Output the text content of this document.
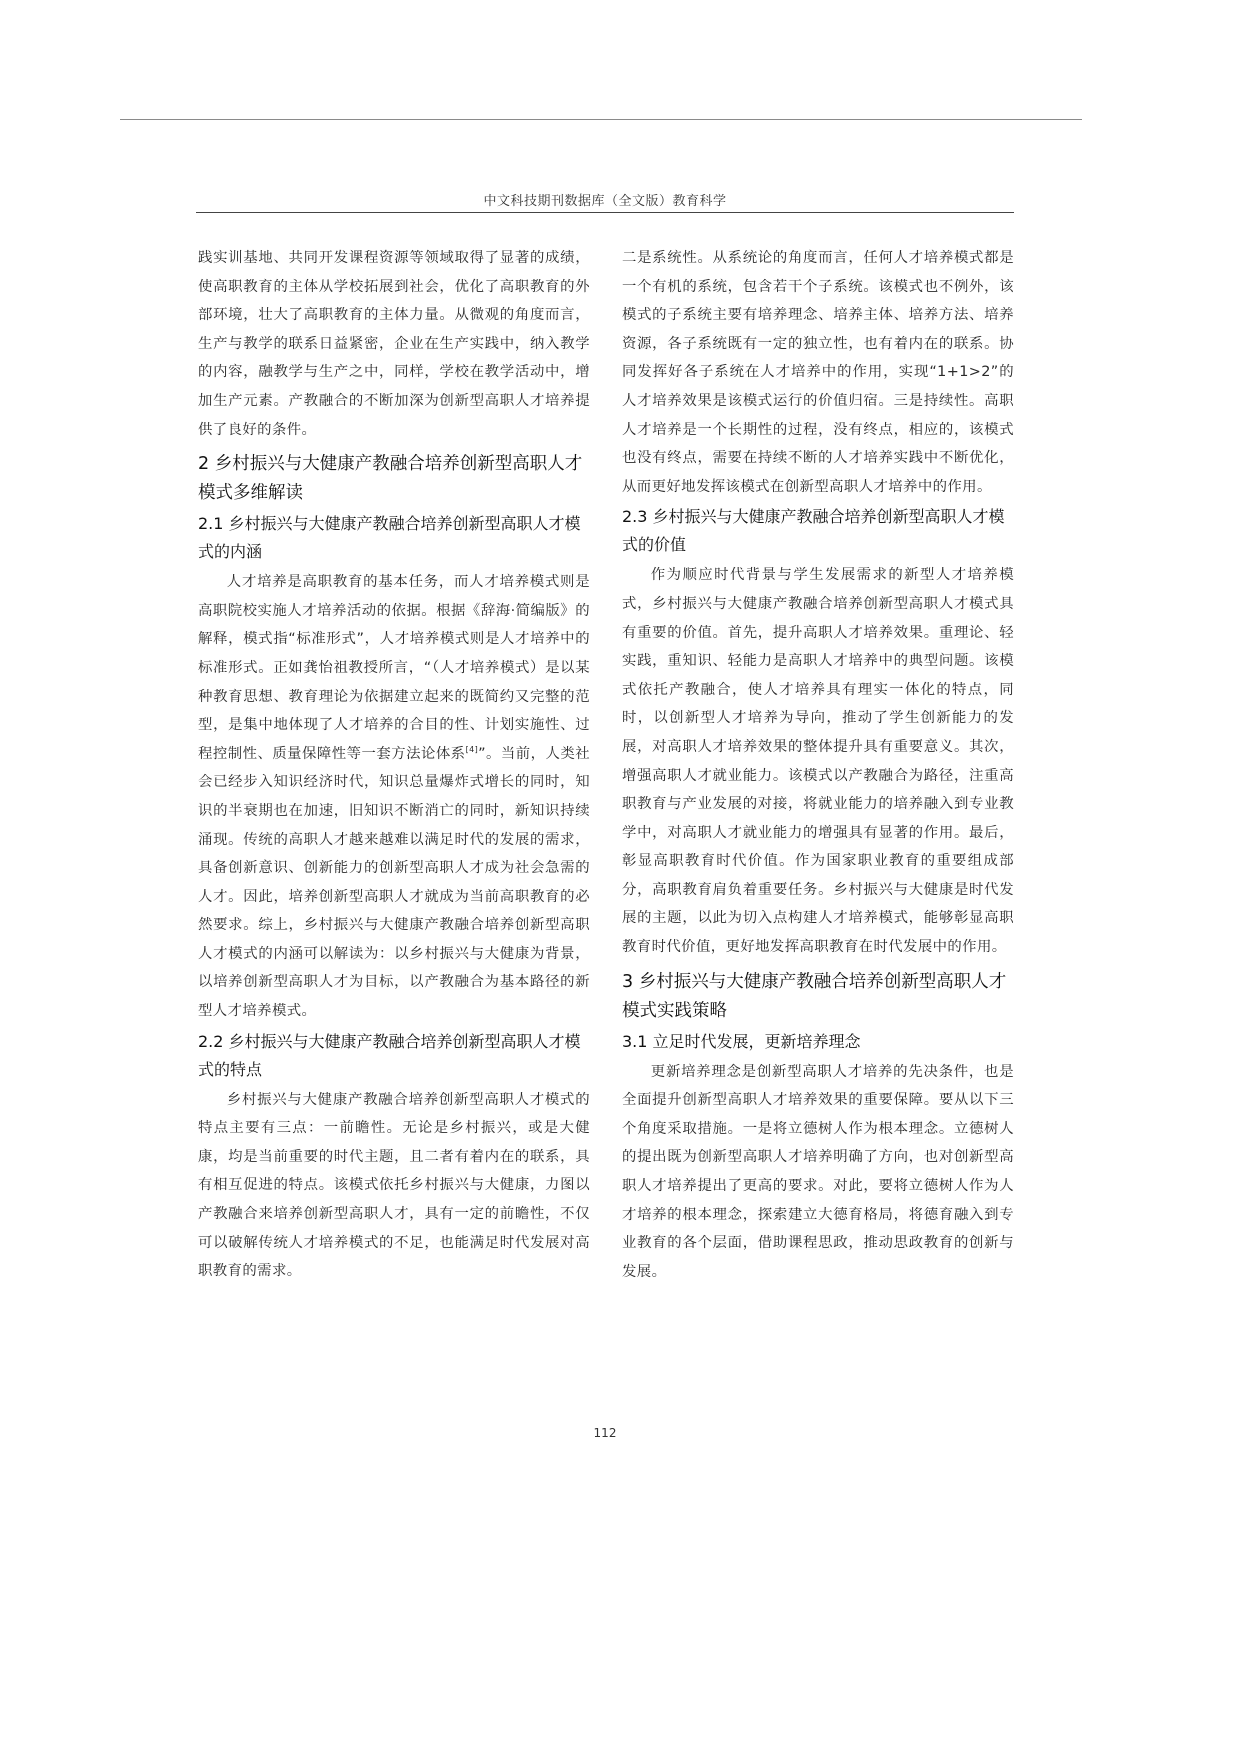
中文科技期刊数据库（全文版）教育科学

践实训基地、共同开发课程资源等领域取得了显著的成绩，使高职教育的主体从学校拓展到社会，优化了高职教育的外部环境，壮大了高职教育的主体力量。从微观的角度而言，生产与教学的联系日益紧密，企业在生产实践中，纳入教学的内容，融教学与生产之中，同样，学校在教学活动中，增加生产元素。产教融合的不断加深为创新型高职人才培养提供了良好的条件。

2 乡村振兴与大健康产教融合培养创新型高职人才模式多维解读
2.1 乡村振兴与大健康产教融合培养创新型高职人才模式的内涵

人才培养是高职教育的基本任务，而人才培养模式则是高职院校实施人才培养活动的依据。根据《辞海·简编版》的解释，模式指“标准形式”，人才培养模式则是人才培养中的标准形式。正如龚怡祖教授所言，“（人才培养模式）是以某种教育思想、教育理论为依据建立起来的既简约又完整的范型，是集中地体现了人才培养的合目的性、计划实施性、过程控制性、质量保障性等一套方法论体系[4]”。当前，人类社会已经步入知识经济时代，知识总量爆炸式增长的同时，知识的半衰期也在加速，旧知识不断消亡的同时，新知识持续涌现。传统的高职人才越来越难以满足时代的发展的需求，具备创新意识、创新能力的创新型高职人才成为社会急需的人才。因此，培养创新型高职人才就成为当前高职教育的必然要求。综上，乡村振兴与大健康产教融合培养创新型高职人才模式的内涵可以解读为：以乡村振兴与大健康为背景，以培养创新型高职人才为目标，以产教融合为基本路径的新型人才培养模式。

2.2 乡村振兴与大健康产教融合培养创新型高职人才模式的特点

乡村振兴与大健康产教融合培养创新型高职人才模式的特点主要有三点：一前瞻性。无论是乡村振兴，或是大健康，均是当前重要的时代主题，且二者有着内在的联系，具有相互促进的特点。该模式依托乡村振兴与大健康，力图以产教融合来培养创新型高职人才，具有一定的前瞻性，不仅可以破解传统人才培养模式的不足，也能满足时代发展对高职教育的需求。

二是系统性。从系统论的角度而言，任何人才培养模式都是一个有机的系统，包含若干个子系统。该模式也不例外，该模式的子系统主要有培养理念、培养主体、培养方法、培养资源，各子系统既有一定的独立性，也有着内在的联系。协同发挥好各子系统在人才培养中的作用，实现“1+1>2”的人才培养效果是该模式运行的价值归宿。三是持续性。高职人才培养是一个长期性的过程，没有终点，相应的，该模式也没有终点，需要在持续不断的人才培养实践中不断优化，从而更好地发挥该模式在创新型高职人才培养中的作用。

2.3 乡村振兴与大健康产教融合培养创新型高职人才模式的价值

作为顺应时代背景与学生发展需求的新型人才培养模式，乡村振兴与大健康产教融合培养创新型高职人才模式具有重要的价值。首先，提升高职人才培养效果。重理论、轻实践，重知识、轻能力是高职人才培养中的典型问题。该模式依托产教融合，使人才培养具有理实一体化的特点，同时，以创新型人才培养为导向，推动了学生创新能力的发展，对高职人才培养效果的整体提升具有重要意义。其次，增强高职人才就业能力。该模式以产教融合为路径，注重高职教育与产业发展的对接，将就业能力的培养融入到专业教学中，对高职人才就业能力的增强具有显著的作用。最后，彰显高职教育时代价值。作为国家职业教育的重要组成部分，高职教育肩负着重要任务。乡村振兴与大健康是时代发展的主题，以此为切入点构建人才培养模式，能够彰显高职教育时代价值，更好地发挥高职教育在时代发展中的作用。

3 乡村振兴与大健康产教融合培养创新型高职人才模式实践策略
3.1 立足时代发展，更新培养理念

更新培养理念是创新型高职人才培养的先决条件，也是全面提升创新型高职人才培养效果的重要保障。要从以下三个角度采取措施。一是将立德树人作为根本理念。立德树人的提出既为创新型高职人才培养明确了方向，也对创新型高职人才培养提出了更高的要求。对此，要将立德树人作为人才培养的根本理念，探索建立大德育格局，将德育融入到专业教育的各个层面，借助课程思政，推动思政教育的创新与发展。

112
